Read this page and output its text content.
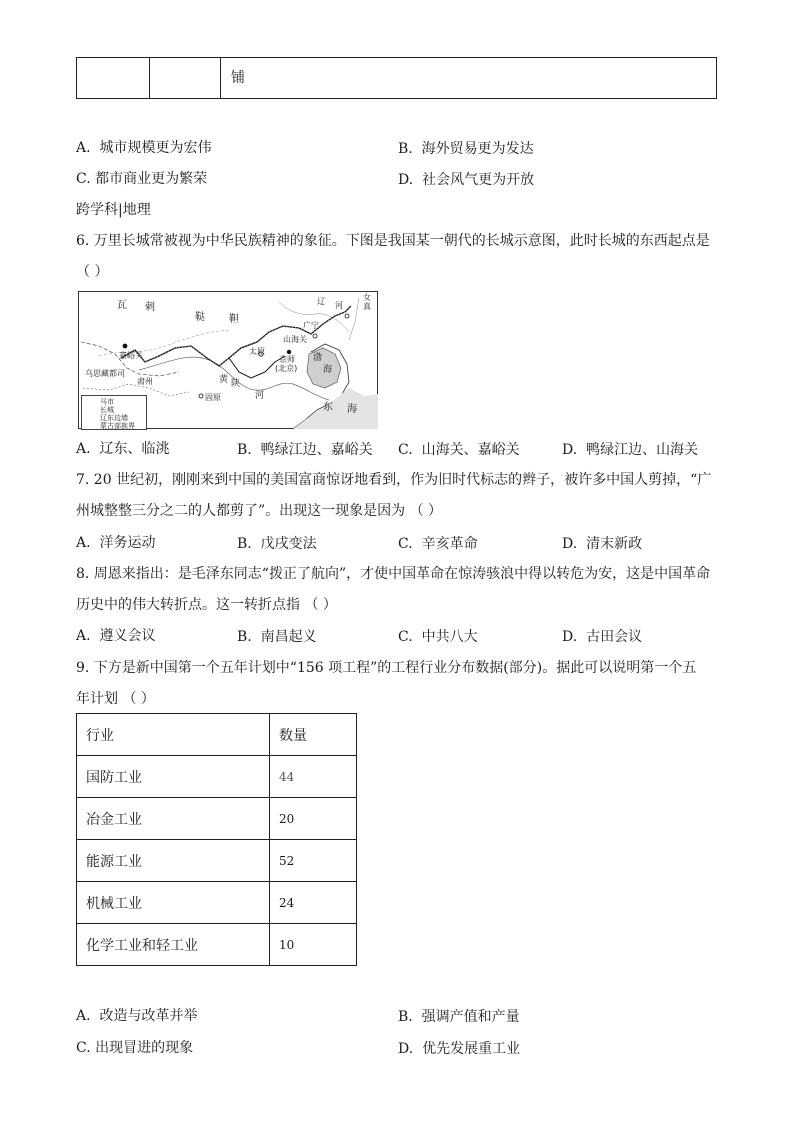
铺
A. 城市规模更为宏伟	B. 海外贸易更为发达
C. 都市商业更为繁荣	D. 社会风气更为开放
跨学科|地理
6. 万里长城常被视为中华民族精神的象征。下图是我国某一朝代的长城示意图，此时长城的东西起点是
（ ）
瓦 剌
鞑 靼
辽 河
女
真
广宁
山海关
太原
京师
(北京)
渤
海
嘉峪关
肃州
乌思藏都司
固原
东 海
黄 陕
河
马市
长城
辽东边墙
蒙古部族界
A. 辽东、临洮	B. 鸭绿江边、嘉峪关 C. 山海关、嘉峪关	D. 鸭绿江边、山海关
7. 20 世纪初，刚刚来到中国的美国富商惊讶地看到，作为旧时代标志的辫子，被许多中国人剪掉，“广
州城整整三分之二的人都剪了”。出现这一现象是因为 （ ）
A. 洋务运动	B. 戊戌变法	C. 辛亥革命	D. 清末新政
8. 周恩来指出：是毛泽东同志“拨正了航向”，才使中国革命在惊涛骇浪中得以转危为安，这是中国革命
历史中的伟大转折点。这一转折点指 （ ）
A. 遵义会议	B. 南昌起义	C. 中共八大	D. 古田会议
9. 下方是新中国第一个五年计划中“156 项工程”的工程行业分布数据(部分)。据此可以说明第一个五
年计划 （ ）
行业	数量
国防工业	44
冶金工业	20
能源工业	52
机械工业	24
化学工业和轻工业	10
A. 改造与改革并举	B. 强调产值和产量
C. 出现冒进的现象	D. 优先发展重工业
